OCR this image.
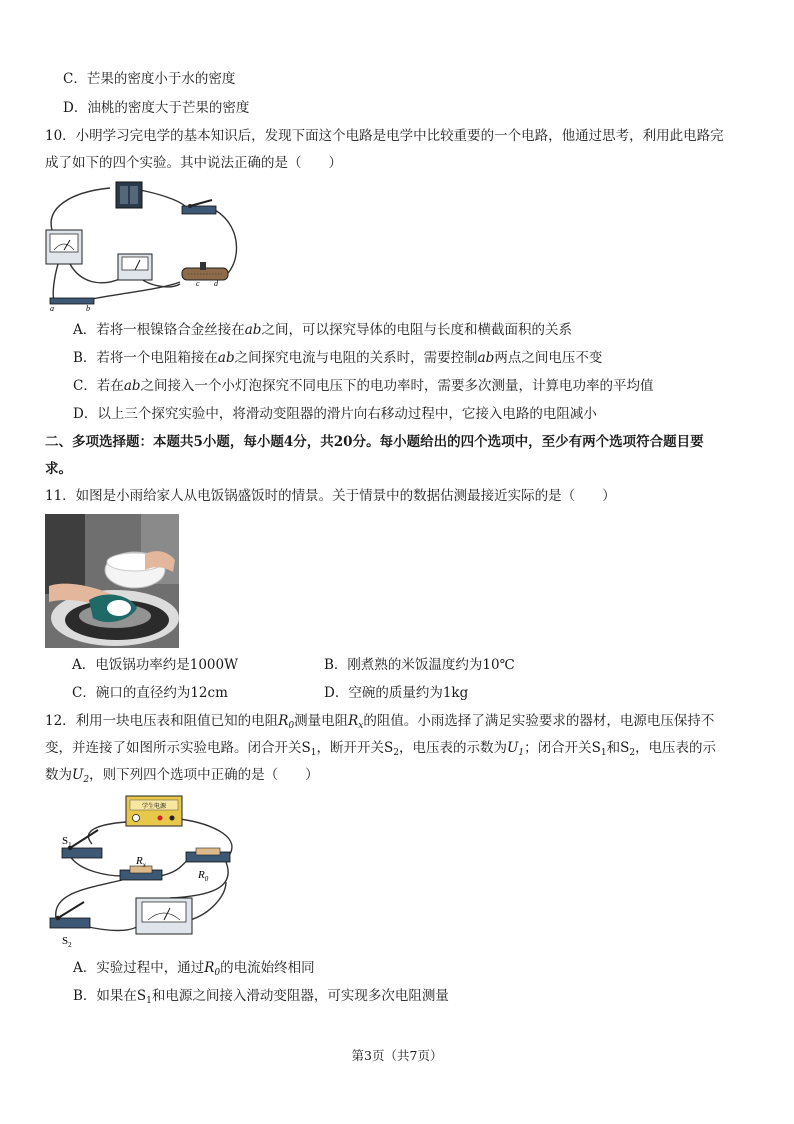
C．芒果的密度小于水的密度
D．油桃的密度大于芒果的密度
10．小明学习完电学的基本知识后，发现下面这个电路是电学中比较重要的一个电路，他通过思考，利用此电路完
成了如下的四个实验。其中说法正确的是（　　）
a	b
c d
A．若将一根镍铬合金丝接在ab之间，可以探究导体的电阻与长度和横截面积的关系
B．若将一个电阻箱接在ab之间探究电流与电阻的关系时，需要控制ab两点之间电压不变
C．若在ab之间接入一个小灯泡探究不同电压下的电功率时，需要多次测量，计算电功率的平均值
D．以上三个探究实验中，将滑动变阻器的滑片向右移动过程中，它接入电路的电阻减小
二、多项选择题：本题共5小题，每小题4分，共20分。每小题给出的四个选项中，至少有两个选项符合题目要
求。
11．如图是小雨给家人从电饭锅盛饭时的情景。关于情景中的数据估测最接近实际的是（　　）
A．电饭锅功率约是1000W	B．刚煮熟的米饭温度约为10℃
C．碗口的直径约为12cm	D．空碗的质量约为1kg
12．利用一块电压表和阻值已知的电阻$R_0$测量电阻$R_x$的阻值。小雨选择了满足实验要求的器材，电源电压保持不
变，并连接了如图所示实验电路。闭合开关$S_1$，断开开关$S_2$，电压表的示数为$U_1$；闭合开关$S_1$和$S_2$，电压表的示
数为$U_2$，则下列四个选项中正确的是（　　）
学生电源
$S_1$
$R_x$
$R_0$
$S_2$
A．实验过程中，通过$R_0$的电流始终相同
B．如果在$S_1$和电源之间接入滑动变阻器，可实现多次电阻测量
第3页（共7页）
